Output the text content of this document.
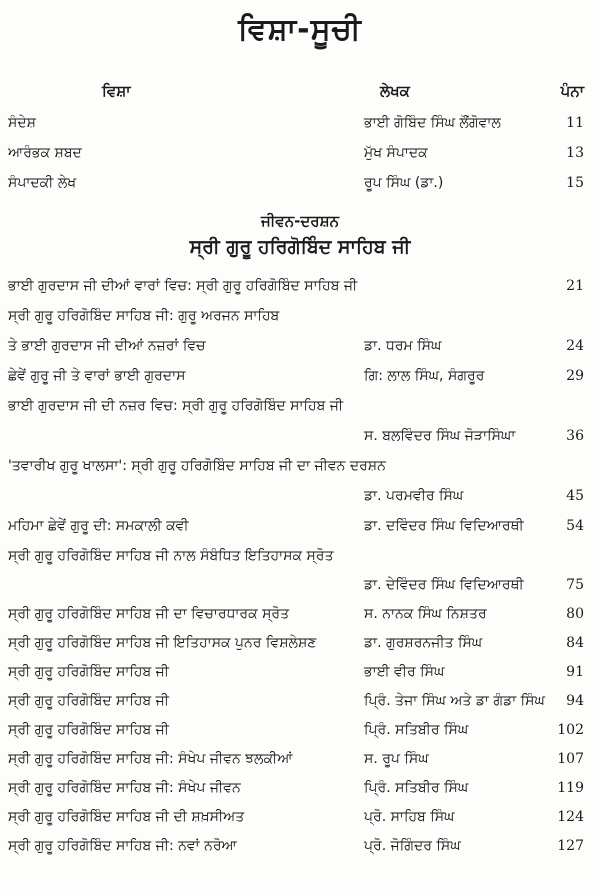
ਵਿਸ਼ਾ-ਸੂਚੀ
ਵਿਸ਼ਾ	ਲੇਖਕ	ਪੰਨਾ
ਸੰਦੇਸ਼	ਭਾਈ ਗੋਬਿੰਦ ਸਿੰਘ ਲੌਂਗੋਵਾਲ	11
ਆਰੰਭਕ ਸ਼ਬਦ	ਮੁੱਖ ਸੰਪਾਦਕ	13
ਸੰਪਾਦਕੀ ਲੇਖ	ਰੂਪ ਸਿੰਘ (ਡਾ.)	15
ਜੀਵਨ-ਦਰਸ਼ਨ
ਸ੍ਰੀ ਗੁਰੂ ਹਰਿਗੋਬਿੰਦ ਸਾਹਿਬ ਜੀ
ਭਾਈ ਗੁਰਦਾਸ ਜੀ ਦੀਆਂ ਵਾਰਾਂ ਵਿਚ: ਸ੍ਰੀ ਗੁਰੂ ਹਰਿਗੋਬਿੰਦ ਸਾਹਿਬ ਜੀ	21
ਸ੍ਰੀ ਗੁਰੂ ਹਰਿਗੋਬਿੰਦ ਸਾਹਿਬ ਜੀ: ਗੁਰੂ ਅਰਜਨ ਸਾਹਿਬ
ਤੇ ਭਾਈ ਗੁਰਦਾਸ ਜੀ ਦੀਆਂ ਨਜ਼ਰਾਂ ਵਿਚ	ਡਾ. ਧਰਮ ਸਿੰਘ	24
ਛੇਵੇਂ ਗੁਰੂ ਜੀ ਤੇ ਵਾਰਾਂ ਭਾਈ ਗੁਰਦਾਸ	ਗਿ: ਲਾਲ ਸਿੰਘ, ਸੰਗਰੂਰ	29
ਭਾਈ ਗੁਰਦਾਸ ਜੀ ਦੀ ਨਜ਼ਰ ਵਿਚ: ਸ੍ਰੀ ਗੁਰੂ ਹਰਿਗੋਬਿੰਦ ਸਾਹਿਬ ਜੀ
ਸ. ਬਲਵਿੰਦਰ ਸਿੰਘ ਜੋੜਾਸਿੰਘਾ	36
'ਤਵਾਰੀਖ ਗੁਰੂ ਖਾਲਸਾ': ਸ੍ਰੀ ਗੁਰੂ ਹਰਿਗੋਬਿੰਦ ਸਾਹਿਬ ਜੀ ਦਾ ਜੀਵਨ ਦਰਸ਼ਨ
ਡਾ. ਪਰਮਵੀਰ ਸਿੰਘ	45
ਮਹਿਮਾ ਛੇਵੇਂ ਗੁਰੂ ਦੀ: ਸਮਕਾਲੀ ਕਵੀ	ਡਾ. ਦਵਿੰਦਰ ਸਿੰਘ ਵਿਦਿਆਰਥੀ	54
ਸ੍ਰੀ ਗੁਰੂ ਹਰਿਗੋਬਿੰਦ ਸਾਹਿਬ ਜੀ ਨਾਲ ਸੰਬੰਧਿਤ ਇਤਿਹਾਸਕ ਸ੍ਰੋਤ
ਡਾ. ਦੇਵਿੰਦਰ ਸਿੰਘ ਵਿਦਿਆਰਥੀ	75
ਸ੍ਰੀ ਗੁਰੂ ਹਰਿਗੋਬਿੰਦ ਸਾਹਿਬ ਜੀ ਦਾ ਵਿਚਾਰਧਾਰਕ ਸ੍ਰੋਤ	ਸ. ਨਾਨਕ ਸਿੰਘ ਨਿਸ਼ਤਰ	80
ਸ੍ਰੀ ਗੁਰੂ ਹਰਿਗੋਬਿੰਦ ਸਾਹਿਬ ਜੀ ਇਤਿਹਾਸਕ ਪੁਨਰ ਵਿਸ਼ਲੇਸ਼ਣ	ਡਾ. ਗੁਰਸ਼ਰਨਜੀਤ ਸਿੰਘ	84
ਸ੍ਰੀ ਗੁਰੂ ਹਰਿਗੋਬਿੰਦ ਸਾਹਿਬ ਜੀ	ਭਾਈ ਵੀਰ ਸਿੰਘ	91
ਸ੍ਰੀ ਗੁਰੂ ਹਰਿਗੋਬਿੰਦ ਸਾਹਿਬ ਜੀ	ਪ੍ਰਿੰ. ਤੇਜਾ ਸਿੰਘ ਅਤੇ ਡਾ ਗੰਡਾ ਸਿੰਘ 94
ਸ੍ਰੀ ਗੁਰੂ ਹਰਿਗੋਬਿੰਦ ਸਾਹਿਬ ਜੀ	ਪ੍ਰਿੰ. ਸਤਿਬੀਰ ਸਿੰਘ	102
ਸ੍ਰੀ ਗੁਰੂ ਹਰਿਗੋਬਿੰਦ ਸਾਹਿਬ ਜੀ: ਸੰਖੇਪ ਜੀਵਨ ਝਲਕੀਆਂ	ਸ. ਰੂਪ ਸਿੰਘ	107
ਸ੍ਰੀ ਗੁਰੂ ਹਰਿਗੋਬਿੰਦ ਸਾਹਿਬ ਜੀ: ਸੰਖੇਪ ਜੀਵਨ	ਪ੍ਰਿੰ. ਸਤਿਬੀਰ ਸਿੰਘ	119
ਸ੍ਰੀ ਗੁਰੂ ਹਰਿਗੋਬਿੰਦ ਸਾਹਿਬ ਜੀ ਦੀ ਸ਼ਖ਼ਸੀਅਤ	ਪ੍ਰੋ. ਸਾਹਿਬ ਸਿੰਘ	124
ਸ੍ਰੀ ਗੁਰੂ ਹਰਿਗੋਬਿੰਦ ਸਾਹਿਬ ਜੀ: ਨਵਾਂ ਨਰੋਆ	ਪ੍ਰੋ. ਜੋਗਿੰਦਰ ਸਿੰਘ	127
